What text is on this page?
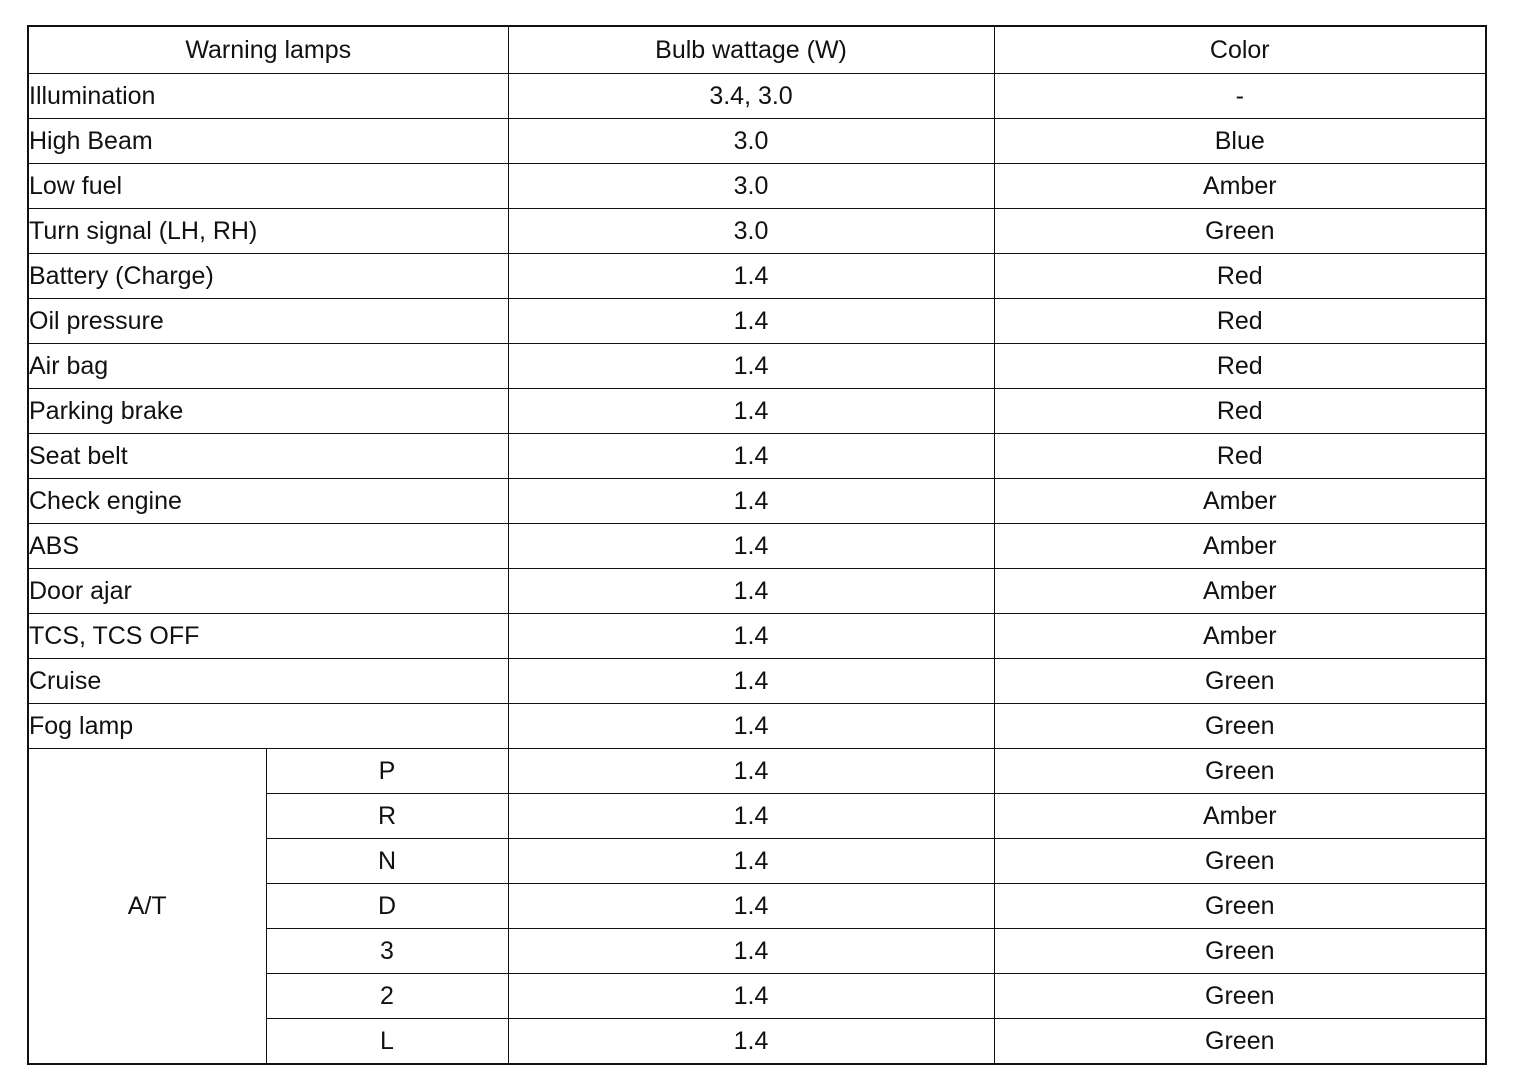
Warning lamps		Bulb wattage (W)	Color
Illumination		3.4, 3.0	-
High Beam		3.0	Blue
Low fuel		3.0	Amber
Turn signal (LH, RH)		3.0	Green
Battery (Charge)		1.4	Red
Oil pressure		1.4	Red
Air bag		1.4	Red
Parking brake		1.4	Red
Seat belt		1.4	Red
Check engine		1.4	Amber
ABS		1.4	Amber
Door ajar		1.4	Amber
TCS, TCS OFF		1.4	Amber
Cruise		1.4	Green
Fog lamp		1.4	Green
A/T	P	1.4	Green
	R	1.4	Amber
	N	1.4	Green
	D	1.4	Green
	3	1.4	Green
	2	1.4	Green
	L	1.4	Green
